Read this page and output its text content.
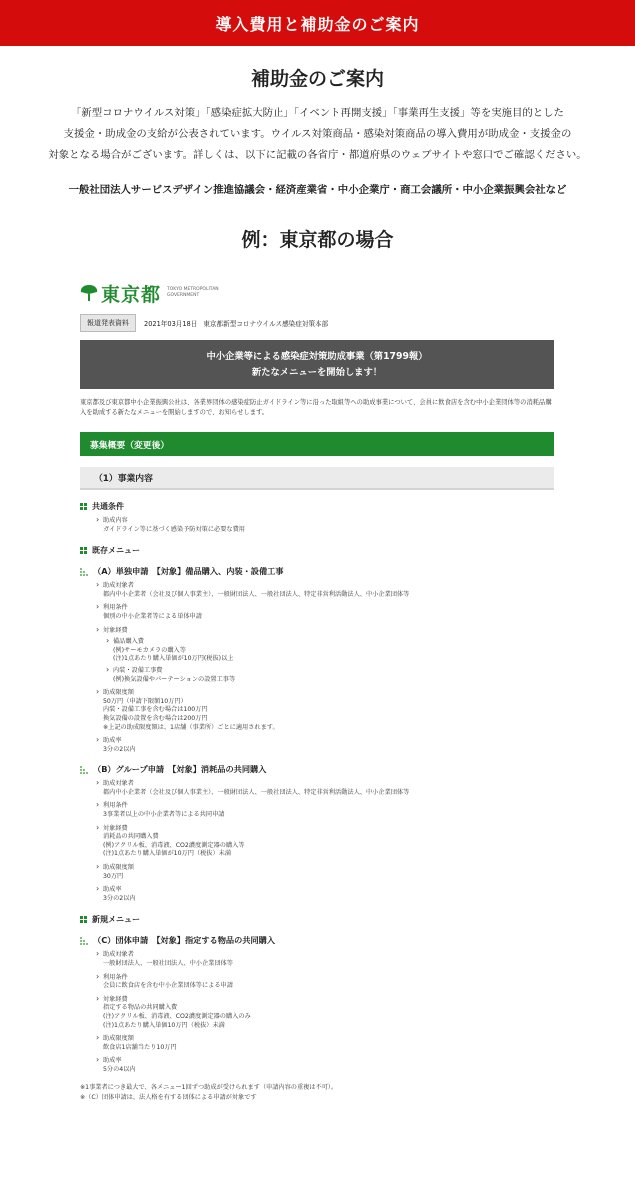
導入費用と補助金のご案内
補助金のご案内
「新型コロナウイルス対策」「感染症拡大防止」「イベント再開支援」「事業再生支援」等を実施目的とした
支援金・助成金の支給が公表されています。ウイルス対策商品・感染対策商品の導入費用が助成金・支援金の
対象となる場合がございます。詳しくは、以下に記載の各省庁・都道府県のウェブサイトや窓口でご確認ください。
一般社団法人サービスデザイン推進協議会・経済産業省・中小企業庁・商工会議所・中小企業振興会社など
例：東京都の場合
東京都 TOKYO METROPOLITAN
GOVERNMENT
報道発表資料	2021年03月18日 東京都新型コロナウイルス感染症対策本部
中小企業等による感染症対策助成事業（第1799報）
新たなメニューを開始します！
東京都及び東京都中小企業振興公社は、各業界団体の感染症防止ガイドライン等に沿った取組等への助成事業について、会員に飲食店を含む中小企業団体等の消耗品購入を助成する新たなメニューを開始しますので、お知らせします。
募集概要（変更後）
（1）事業内容
共通条件
› 助成内容
ガイドライン等に基づく感染予防対策に必要な費用
既存メニュー
（A）単独申請　【対象】備品購入、内装・設備工事
› 助成対象者
都内中小企業者（会社及び個人事業主）、一般財団法人、一般社団法人、特定非営利活動法人、中小企業団体等
› 利用条件
個別の中小企業者等による単体申請
› 対象経費
› 備品購入費
(例)サーモカメラの購入等
(注)1点あたり購入単価が10万円(税抜)以上
› 内装・設備工事費
(例)換気設備やパーテーションの設置工事等
› 助成限度額
50万円（申請下限額10万円）
内装・設備工事を含む場合は100万円
換気設備の設置を含む場合は200万円
※上記の助成限度額は、1店舗（事業所）ごとに適用されます。
› 助成率
3分の2以内
（B）グループ申請　【対象】消耗品の共同購入
› 助成対象者
都内中小企業者（会社及び個人事業主）、一般財団法人、一般社団法人、特定非営利活動法人、中小企業団体等
› 利用条件
3事業者以上の中小企業者等による共同申請
› 対象経費
消耗品の共同購入費
(例)アクリル板、消毒液、CO2濃度測定器の購入等
(注)1点あたり購入単価が10万円（税抜）未満
› 助成限度額
30万円
› 助成率
3分の2以内
新規メニュー
（C）団体申請　【対象】指定する物品の共同購入
› 助成対象者
一般財団法人、一般社団法人、中小企業団体等
› 利用条件
会員に飲食店を含む中小企業団体等による申請
› 対象経費
指定する物品の共同購入費
(注)アクリル板、消毒液、CO2濃度測定器の購入のみ
(注)1点あたり購入単価10万円（税抜）未満
› 助成限度額
飲食店1店舗当たり10万円
› 助成率
5分の4以内
※1事業者につき最大で、各メニュー1回ずつ助成が受けられます（申請内容の重複は不可）。
※（C）団体申請は、法人格を有する団体による申請が対象です
